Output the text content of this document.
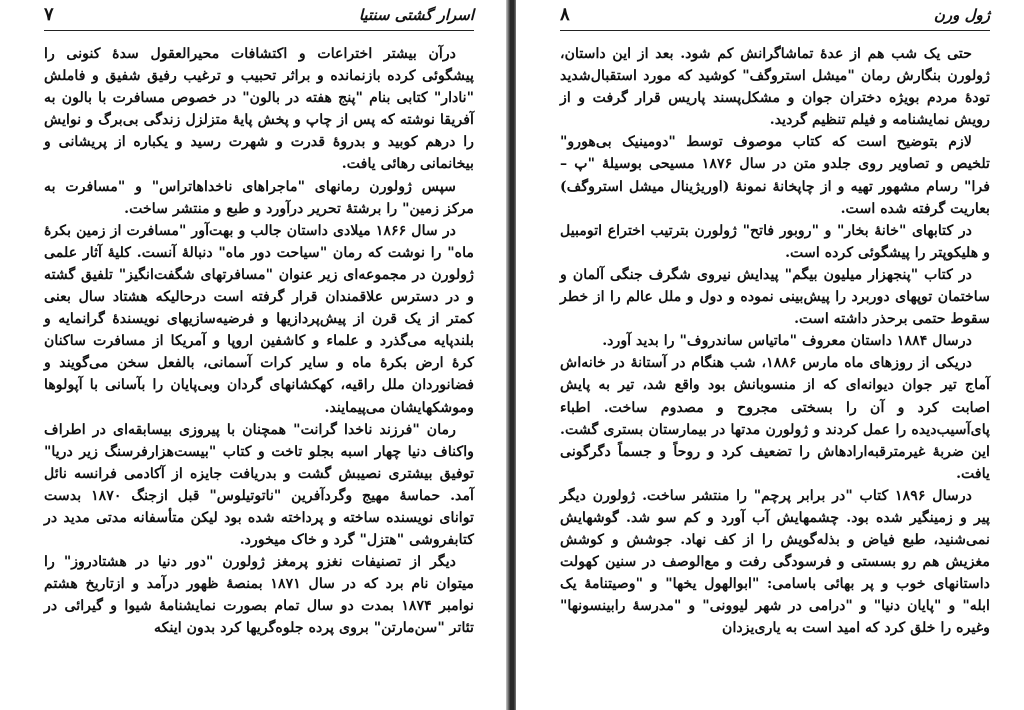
اسرار گشتی سنتیا
۷

درآن بیشتر اختراعات و اکتشافات محیرالعقول سده‌ٔ کنونی را پیشگوئی کرده بازنمانده و براثر تحبیب و ترغیب رفیق شفیق و فاملش "نادار" کتابی بنام "پنج هفته در بالون" در خصوص مسافرت با بالون به آفریقا نوشته که پس از چاپ و پخش پایه‌ٔ متزلزل زندگی بی‌برگ و نوایش را درهم کوبید و بدروه‌ٔ قدرت و شهرت رسید و یکباره از پریشانی و بیخانمانی رهائی یافت.

سپس ژولورن رمانهای "ماجراهای ناخداهاتراس" و "مسافرت به مرکز زمین" را برشته‌ٔ تحریر درآورد و طبع و منتشر ساخت.

در سال ۱۸۶۶ میلادی داستان جالب و بهت‌آور "مسافرت از زمین بکره‌ٔ ماه" را نوشت که رمان "سیاحت دور ماه" دنباله‌ٔ آنست. کلیه‌ٔ آثار علمی ژولورن در مجموعه‌ای زیر عنوان "مسافرتهای شگفت‌انگیز" تلفیق گشته و در دسترس علاقمندان قرار گرفته است درحالیکه هشتاد سال بعنی کمتر از یک قرن از پیش‌پردازیها و فرضیه‌سازیهای نویسنده‌ٔ گرانمایه و بلندپایه می‌گذرد و علماء و کاشفین اروپا و آمریکا از مسافرت ساکنان کره‌ٔ ارض بکره‌ٔ ماه و سایر کرات آسمانی، بالفعل سخن می‌گویند و فضانوردان ملل راقیه، کهکشانهای گردان وبی‌پایان را بآسانی با آپولوها وموشکهایشان می‌پیمایند.

رمان "فرزند ناخدا گرانت" همچنان با پیروزی بیسابقه‌ای در اطراف واکناف دنیا چهار اسبه بجلو تاخت و کتاب "بیست‌هزارفرسنگ زیر دریا" توفیق بیشتری نصیبش گشت و بدریافت جایزه از آکادمی فرانسه نائل آمد. حماسه‌ٔ مهیج وگردآفرین "ناتوتیلوس" قبل ازجنگ ۱۸۷۰ بدست توانای نویسنده ساخته و پرداخته شده بود لیکن متأسفانه مدتی مدید در کتابفروشی "هتزل" گرد و خاک میخورد.

دیگر از تصنیفات نغزو پرمغز ژولورن "دور دنیا در هشتادروز" را میتوان نام برد که در سال ۱۸۷۱ بمنصه‌ٔ ظهور درآمد و ازتاریخ هشتم نوامبر ۱۸۷۴ بمدت دو سال تمام بصورت نمایشنامه‌ٔ شیوا و گیرائی در تئاتر "سن‌مارتن" بروی پرده جلوه‌گریها کرد بدون اینکه

ژول ورن
۸

حتی یک شب هم از عده‌ٔ تماشاگرانش کم شود. بعد از این داستان، ژولورن بنگارش رمان "میشل استروگف" کوشید که مورد استقبال‌شدید توده‌ٔ مردم بویژه دختران جوان و مشکل‌پسند پاریس قرار گرفت و از رویش نمایشنامه و فیلم تنظیم گردید.

لازم بتوضیح است که کتاب موصوف توسط "دومینیک بی‌هورو" تلخیص و تصاویر روی جلدو متن در سال ۱۸۷۶ مسیحی بوسیله‌ٔ "پ – فرا" رسام مشهور تهیه و از چاپخانه‌ٔ نمونه‌ٔ (اوریژینال میشل استروگف) بعاریت گرفته شده است.

در کتابهای "خانه‌ٔ بخار" و "روبور فاتح" ژولورن بترتیب اختراع اتومبیل و هلیکوپتر را پیشگوئی کرده است.

در کتاب "پنجهزار میلیون بیگم" پیدایش نیروی شگرف جنگی آلمان و ساختمان توپهای دوربرد را پیش‌بینی نموده و دول و ملل عالم را از خطر سقوط حتمی برحذر داشته است.

درسال ۱۸۸۴ داستان معروف "ماتیاس ساندروف" را بدید آورد.

دریکی از روزهای ماه مارس ۱۸۸۶، شب هنگام در آستانه‌ٔ در خانه‌اش آماج تیر جوان دیوانه‌ای که از منسوبانش بود واقع شد، تیر به پایش اصابت کرد و آن را بسختی مجروح و مصدوم ساخت. اطباء پای‌آسیب‌دیده را عمل کردند و ژولورن مدتها در بیمارستان بستری گشت. این ضربه‌ٔ غیرمترقبه‌ارادهاش را تضعیف کرد و روحاً و جسماً دگرگونی یافت.

درسال ۱۸۹۶ کتاب "در برابر پرچم" را منتشر ساخت. ژولورن دیگر پیر و زمینگیر شده بود. چشمهایش آب آورد و کم سو شد. گوشهایش نمی‌شنید، طبع فیاض و بذله‌گویش را از کف نهاد. جوشش و کوشش مغزیش هم رو بسستی و فرسودگی رفت و مع‌الوصف در سنین کهولت داستانهای خوب و پر بهائی باسامی: "ابوالهول یخها" و "وصیتنامه‌ٔ یک ابله" و "پایان دنیا" و "درامی در شهر لیوونی" و "مدرسه‌ٔ رابینسونها" وغیره را خلق کرد که امید است به یاری‌یزدان
